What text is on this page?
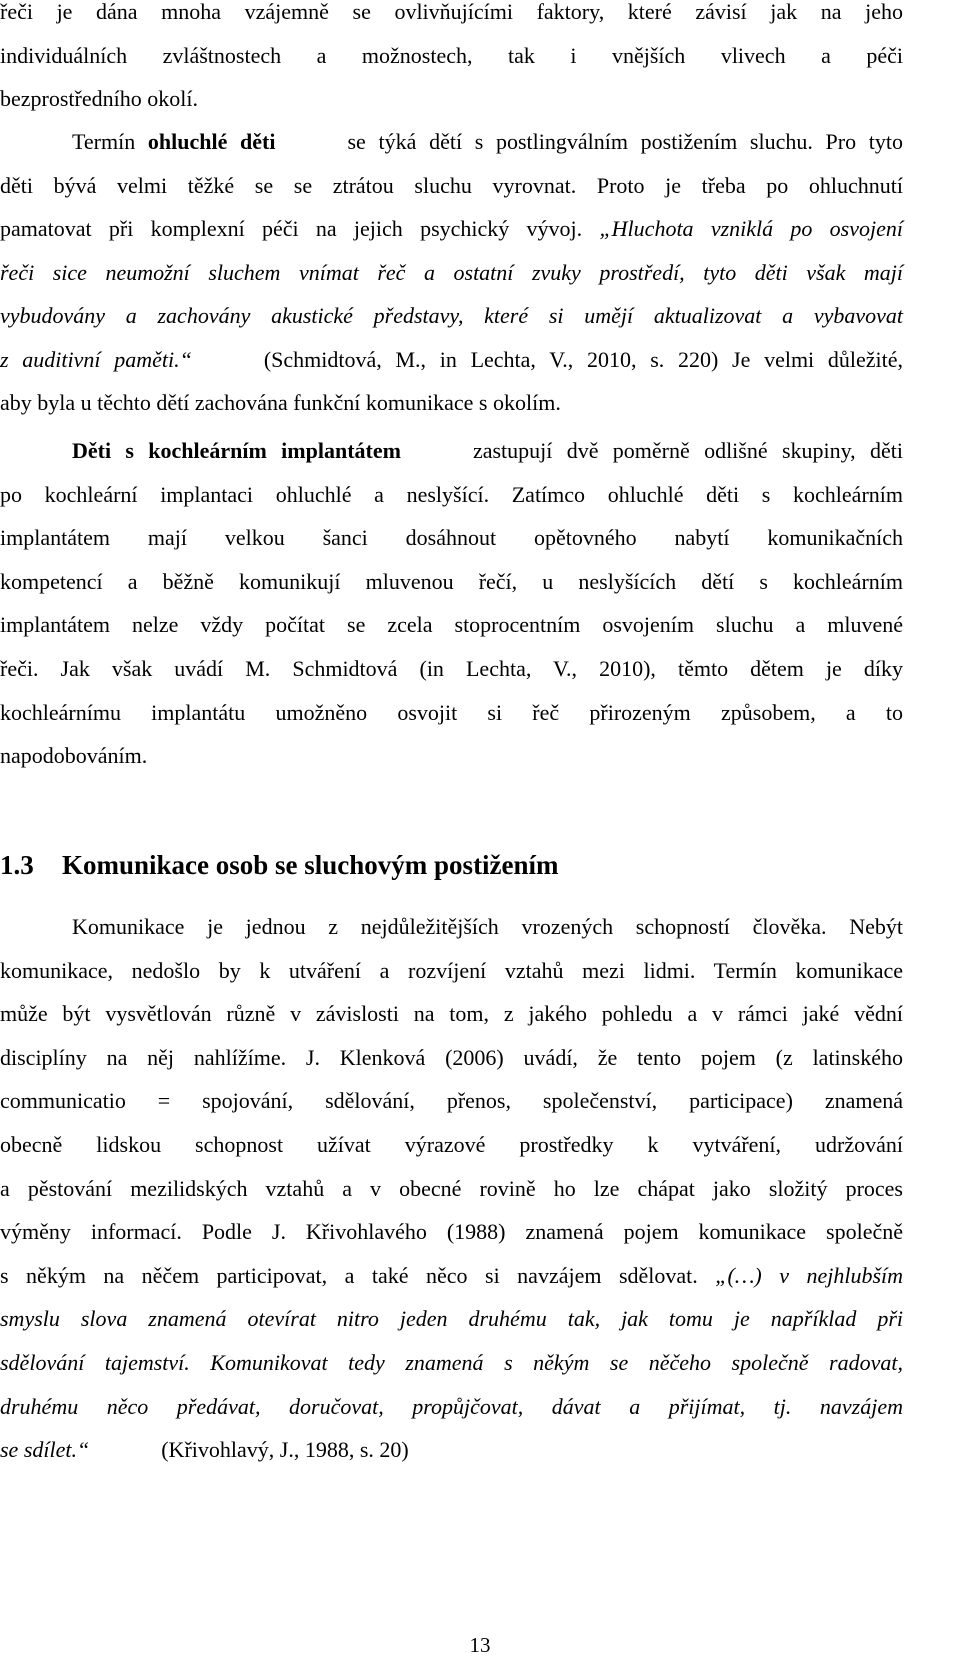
řeči je dána mnoha vzájemně se ovlivňujícími faktory, které závisí jak na jeho
individuálních zvláštnostech a možnostech, tak i vnějších vlivech a péči
bezprostředního okolí.
Termín ohluchlé děti	se týká dětí s postlingválním postižením sluchu. Pro tyto
děti bývá velmi těžké se se ztrátou sluchu vyrovnat. Proto je třeba po ohluchnutí
pamatovat při komplexní péči na jejich psychický vývoj. „Hluchota vzniklá po osvojení
řeči sice neumožní sluchem vnímat řeč a ostatní zvuky prostředí, tyto děti však mají
vybudovány a zachovány akustické představy, které si umějí aktualizovat a vybavovat
z auditivní paměti.“	(Schmidtová, M., in Lechta, V., 2010, s. 220) Je velmi důležité,
aby byla u těchto dětí zachována funkční komunikace s okolím.
Děti s kochleárním implantátem	zastupují dvě poměrně odlišné skupiny, děti
po kochleární implantaci ohluchlé a neslyšící. Zatímco ohluchlé děti s kochleárním
implantátem mají velkou šanci dosáhnout opětovného nabytí komunikačních
kompetencí a běžně komunikují mluvenou řečí, u neslyšících dětí s kochleárním
implantátem nelze vždy počítat se zcela stoprocentním osvojením sluchu a mluvené
řeči. Jak však uvádí M. Schmidtová (in Lechta, V., 2010), těmto dětem je díky
kochleárnímu implantátu umožněno osvojit si řeč přirozeným způsobem, a to
napodobováním.
1.3 Komunikace osob se sluchovým postižením
Komunikace je jednou z nejdůležitějších vrozených schopností člověka. Nebýt
komunikace, nedošlo by k utváření a rozvíjení vztahů mezi lidmi. Termín komunikace
může být vysvětlován různě v závislosti na tom, z jakého pohledu a v rámci jaké vědní
disciplíny na něj nahlížíme. J. Klenková (2006) uvádí, že tento pojem (z latinského
communicatio = spojování, sdělování, přenos, společenství, participace) znamená
obecně lidskou schopnost užívat výrazové prostředky k vytváření, udržování
a pěstování mezilidských vztahů a v obecné rovině ho lze chápat jako složitý proces
výměny informací. Podle J. Křivohlavého (1988) znamená pojem komunikace společně
s někým na něčem participovat, a také něco si navzájem sdělovat. „(…) v nejhlubším
smyslu slova znamená otevírat nitro jeden druhému tak, jak tomu je například při
sdělování tajemství. Komunikovat tedy znamená s někým se něčeho společně radovat,
druhému něco předávat, doručovat, propůjčovat, dávat a přijímat, tj. navzájem
se sdílet.“	(Křivohlavý, J., 1988, s. 20)
13
